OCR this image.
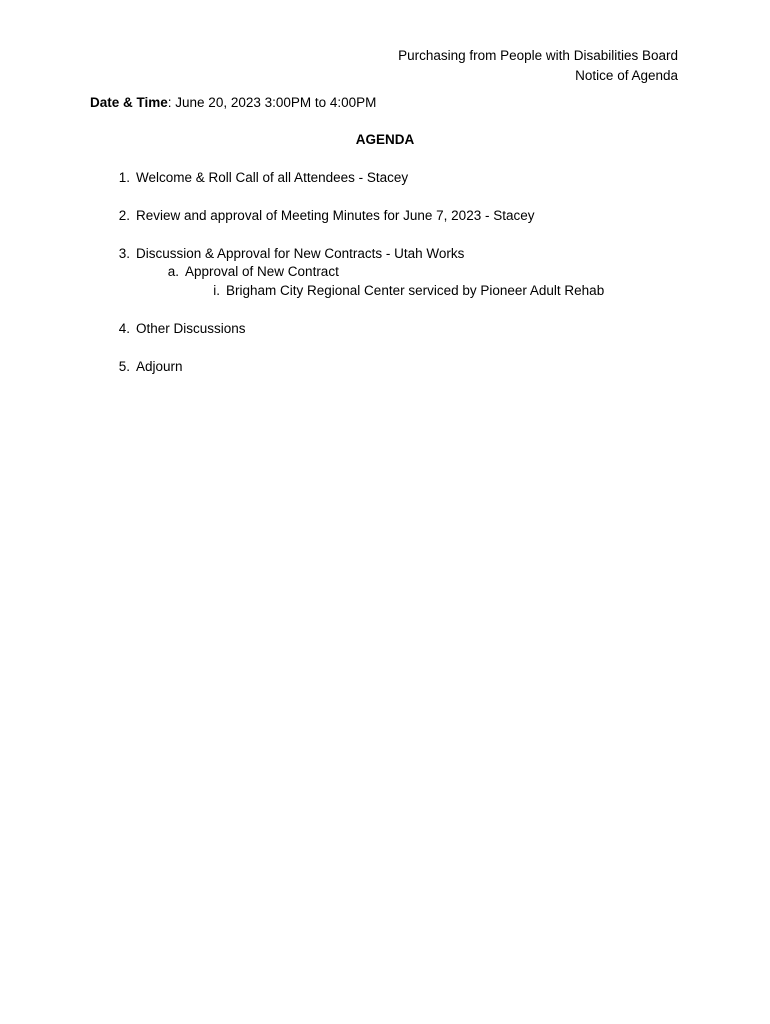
Purchasing from People with Disabilities Board
Notice of Agenda
Date & Time: June 20, 2023 3:00PM to 4:00PM
AGENDA
1. Welcome & Roll Call of all Attendees - Stacey
2. Review and approval of Meeting Minutes for June 7, 2023 - Stacey
3. Discussion & Approval for New Contracts - Utah Works
a. Approval of New Contract
i. Brigham City Regional Center serviced by Pioneer Adult Rehab
4. Other Discussions
5. Adjourn
